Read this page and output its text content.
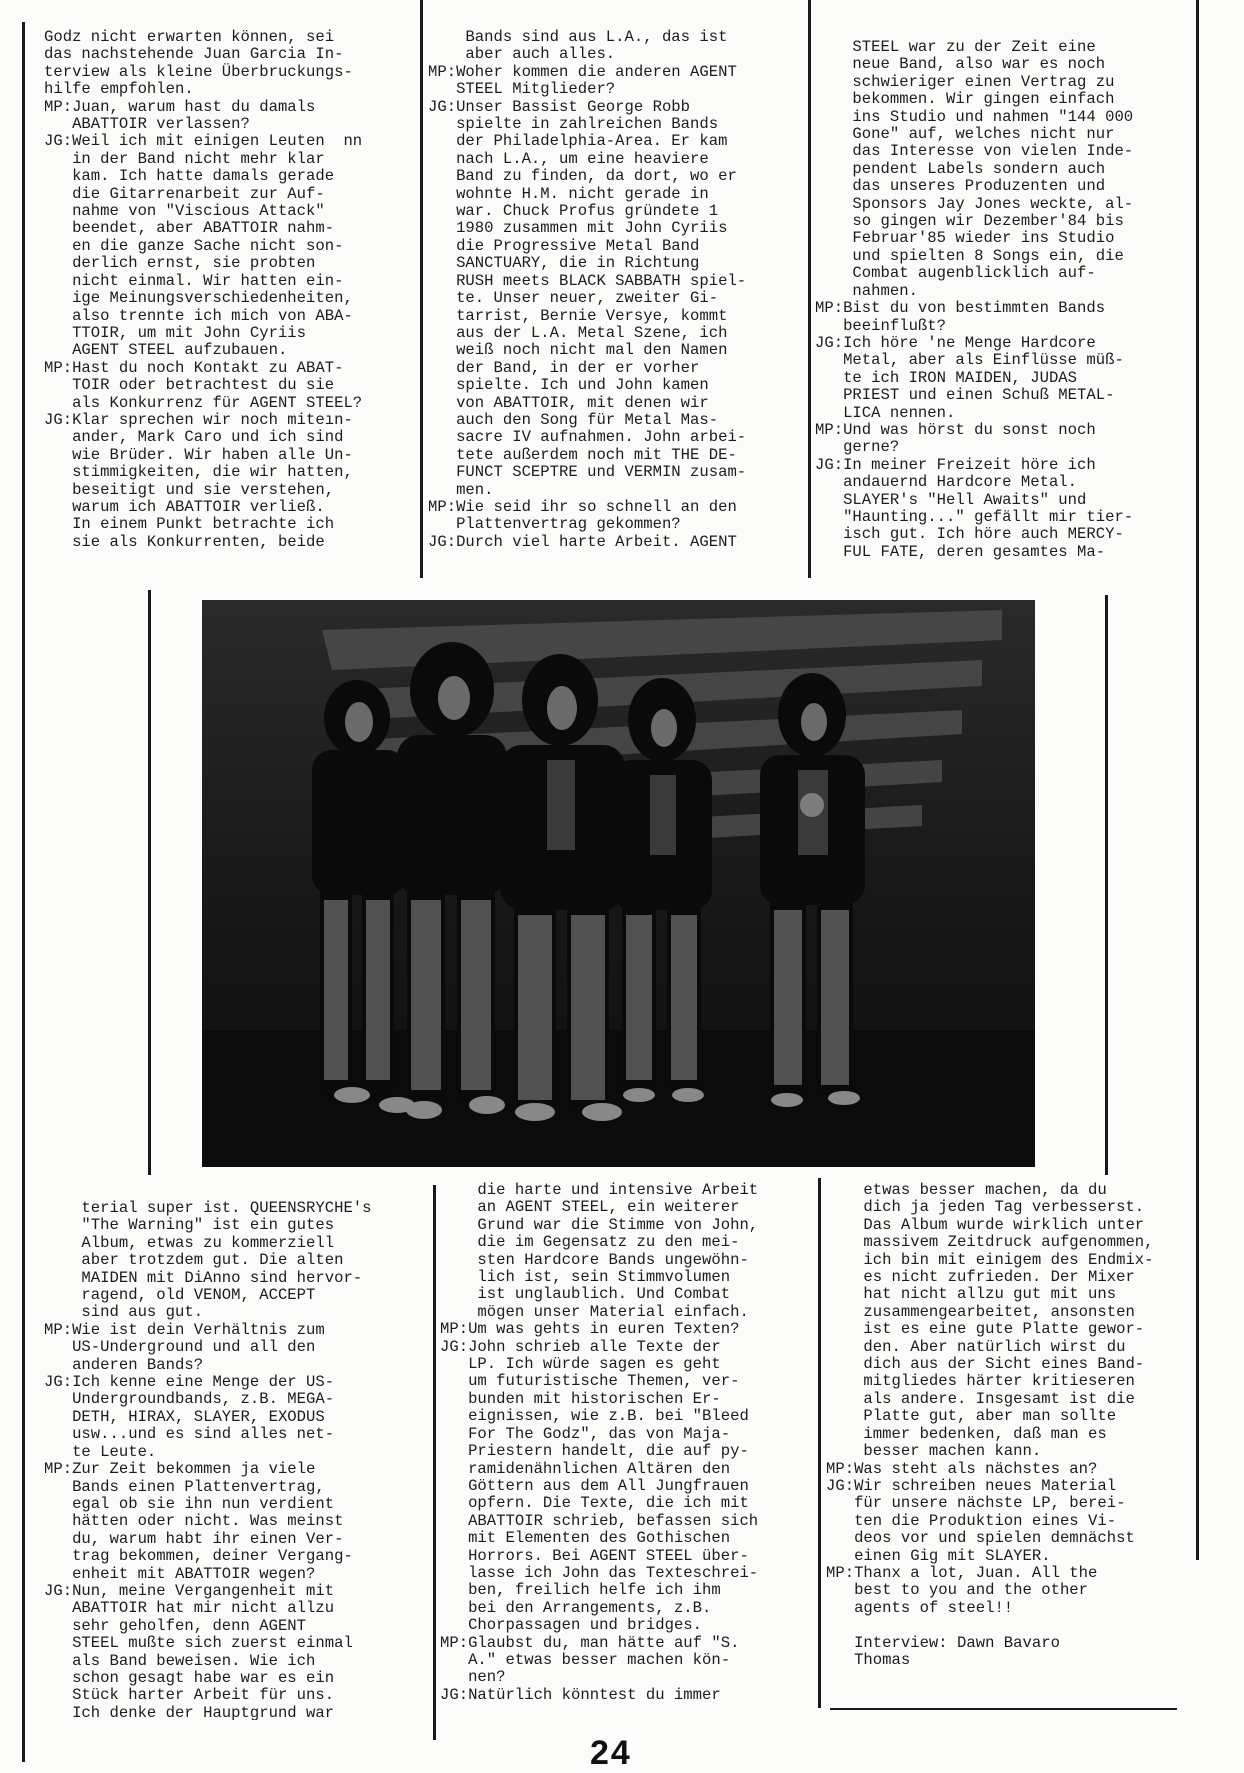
Godz nicht erwarten können, sei
das nachstehende Juan Garcia In-
terview als kleine Überbruckungs-
hilfe empfohlen.
MP:Juan, warum hast du damals
ABATTOIR verlassen?
JG:Weil ich mit einigen Leuten  nn
in der Band nicht mehr klar
kam. Ich hatte damals gerade
die Gitarrenarbeit zur Auf-
nahme von "Viscious Attack"
beendet, aber ABATTOIR nahm-
en die ganze Sache nicht son-
derlich ernst, sie probten
nicht einmal. Wir hatten ein-
ige Meinungsverschiedenheiten,
also trennte ich mich von ABA-
TTOIR, um mit John Cyriis
AGENT STEEL aufzubauen.
MP:Hast du noch Kontakt zu ABAT-
TOIR oder betrachtest du sie
als Konkurrenz für AGENT STEEL?
JG:Klar sprechen wir noch miteın-
ander, Mark Caro und ich sind
wie Brüder. Wir haben alle Un-
stimmigkeiten, die wir hatten,
beseitigt und sie verstehen,
warum ich ABATTOIR verließ.
In einem Punkt betrachte ich
sie als Konkurrenten, beide
Bands sind aus L.A., das ist
aber auch alles.
MP:Woher kommen die anderen AGENT
STEEL Mitglieder?
JG:Unser Bassist George Robb
spielte in zahlreichen Bands
der Philadelphia-Area. Er kam
nach L.A., um eine heaviere
Band zu finden, da dort, wo er
wohnte H.M. nicht gerade in
war. Chuck Profus gründete 1
1980 zusammen mit John Cyriis
die Progressive Metal Band
SANCTUARY, die in Richtung
RUSH meets BLACK SABBATH spiel-
te. Unser neuer, zweiter Gi-
tarrist, Bernie Versye, kommt
aus der L.A. Metal Szene, ich
weiß noch nicht mal den Namen
der Band, in der er vorher
spielte. Ich und John kamen
von ABATTOIR, mit denen wir
auch den Song für Metal Mas-
sacre IV aufnahmen. John arbei-
tete außerdem noch mit THE DE-
FUNCT SCEPTRE und VERMIN zusam-
men.
MP:Wie seid ihr so schnell an den
Plattenvertrag gekommen?
JG:Durch viel harte Arbeit. AGENT
STEEL war zu der Zeit eine
neue Band, also war es noch
schwieriger einen Vertrag zu
bekommen. Wir gingen einfach
ins Studio und nahmen "144 000
Gone" auf, welches nicht nur
das Interesse von vielen Inde-
pendent Labels sondern auch
das unseres Produzenten und
Sponsors Jay Jones weckte, al-
so gingen wir Dezember'84 bis
Februar'85 wieder ins Studio
und spielten 8 Songs ein, die
Combat augenblicklich auf-
nahmen.
MP:Bist du von bestimmten Bands
beeinflußt?
JG:Ich höre 'ne Menge Hardcore
Metal, aber als Einflüsse müß-
te ich IRON MAIDEN, JUDAS
PRIEST und einen Schuß METAL-
LICA nennen.
MP:Und was hörst du sonst noch
gerne?
JG:In meiner Freizeit höre ich
andauernd Hardcore Metal.
SLAYER's "Hell Awaits" und
"Haunting..." gefällt mir tier-
isch gut. Ich höre auch MERCY-
FUL FATE, deren gesamtes Ma-
terial super ist. QUEENSRYCHE's
"The Warning" ist ein gutes
Album, etwas zu kommerziell
aber trotzdem gut. Die alten
MAIDEN mit DiAnno sind hervor-
ragend, old VENOM, ACCEPT
sind aus gut.
MP:Wie ist dein Verhältnis zum
US-Underground und all den
anderen Bands?
JG:Ich kenne eine Menge der US-
Undergroundbands, z.B. MEGA-
DETH, HIRAX, SLAYER, EXODUS
usw...und es sind alles net-
te Leute.
MP:Zur Zeit bekommen ja viele
Bands einen Plattenvertrag,
egal ob sie ihn nun verdient
hätten oder nicht. Was meinst
du, warum habt ihr einen Ver-
trag bekommen, deiner Vergang-
enheit mit ABATTOIR wegen?
JG:Nun, meine Vergangenheit mit
ABATTOIR hat mir nicht allzu
sehr geholfen, denn AGENT
STEEL mußte sich zuerst einmal
als Band beweisen. Wie ich
schon gesagt habe war es ein
Stück harter Arbeit für uns.
Ich denke der Hauptgrund war
die harte und intensive Arbeit
an AGENT STEEL, ein weiterer
Grund war die Stimme von John,
die im Gegensatz zu den mei-
sten Hardcore Bands ungewöhn-
lich ist, sein Stimmvolumen
ist unglaublich. Und Combat
mögen unser Material einfach.
MP:Um was gehts in euren Texten?
JG:John schrieb alle Texte der
LP. Ich würde sagen es geht
um futuristische Themen, ver-
bunden mit historischen Er-
eignissen, wie z.B. bei "Bleed
For The Godz", das von Maja-
Priestern handelt, die auf py-
ramidenähnlichen Altären den
Göttern aus dem All Jungfrauen
opfern. Die Texte, die ich mit
ABATTOIR schrieb, befassen sich
mit Elementen des Gothischen
Horrors. Bei AGENT STEEL über-
lasse ich John das Texteschrei-
ben, freilich helfe ich ihm
bei den Arrangements, z.B.
Chorpassagen und bridges.
MP:Glaubst du, man hätte auf "S.
A." etwas besser machen kön-
nen?
JG:Natürlich könntest du immer
etwas besser machen, da du
dich ja jeden Tag verbesserst.
Das Album wurde wirklich unter
massivem Zeitdruck aufgenommen,
ich bin mit einigem des Endmix-
es nicht zufrieden. Der Mixer
hat nicht allzu gut mit uns
zusammengearbeitet, ansonsten
ist es eine gute Platte gewor-
den. Aber natürlich wirst du
dich aus der Sicht eines Band-
mitgliedes härter kritieseren
als andere. Insgesamt ist die
Platte gut, aber man sollte
immer bedenken, daß man es
besser machen kann.
MP:Was steht als nächstes an?
JG:Wir schreiben neues Material
für unsere nächste LP, berei-
ten die Produktion eines Vi-
deos vor und spielen demnächst
einen Gig mit SLAYER.
MP:Thanx a lot, Juan. All the
best to you and the other
agents of steel!!

Interview: Dawn Bavaro
Thomas
24
